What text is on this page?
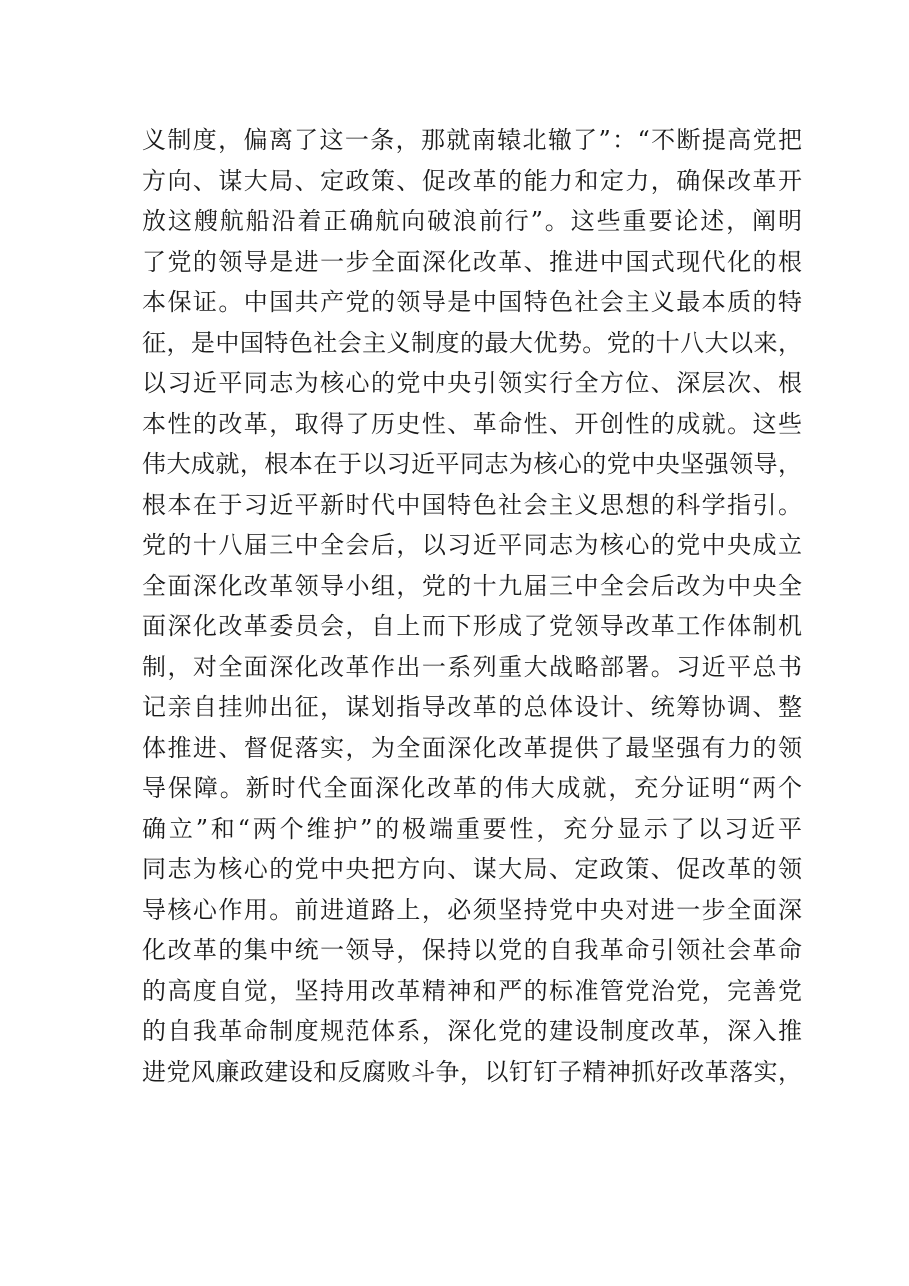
义制度，偏离了这一条，那就南辕北辙了”：“不断提高党把
方向、谋大局、定政策、促改革的能力和定力，确保改革开
放这艘航船沿着正确航向破浪前行”。这些重要论述，阐明
了党的领导是进一步全面深化改革、推进中国式现代化的根
本保证。中国共产党的领导是中国特色社会主义最本质的特
征，是中国特色社会主义制度的最大优势。党的十八大以来，
以习近平同志为核心的党中央引领实行全方位、深层次、根
本性的改革，取得了历史性、革命性、开创性的成就。这些
伟大成就，根本在于以习近平同志为核心的党中央坚强领导，
根本在于习近平新时代中国特色社会主义思想的科学指引。
党的十八届三中全会后，以习近平同志为核心的党中央成立
全面深化改革领导小组，党的十九届三中全会后改为中央全
面深化改革委员会，自上而下形成了党领导改革工作体制机
制，对全面深化改革作出一系列重大战略部署。习近平总书
记亲自挂帅出征，谋划指导改革的总体设计、统筹协调、整
体推进、督促落实，为全面深化改革提供了最坚强有力的领
导保障。新时代全面深化改革的伟大成就，充分证明“两个
确立”和“两个维护”的极端重要性，充分显示了以习近平
同志为核心的党中央把方向、谋大局、定政策、促改革的领
导核心作用。前进道路上，必须坚持党中央对进一步全面深
化改革的集中统一领导，保持以党的自我革命引领社会革命
的高度自觉，坚持用改革精神和严的标准管党治党，完善党
的自我革命制度规范体系，深化党的建设制度改革，深入推
进党风廉政建设和反腐败斗争，以钉钉子精神抓好改革落实，
